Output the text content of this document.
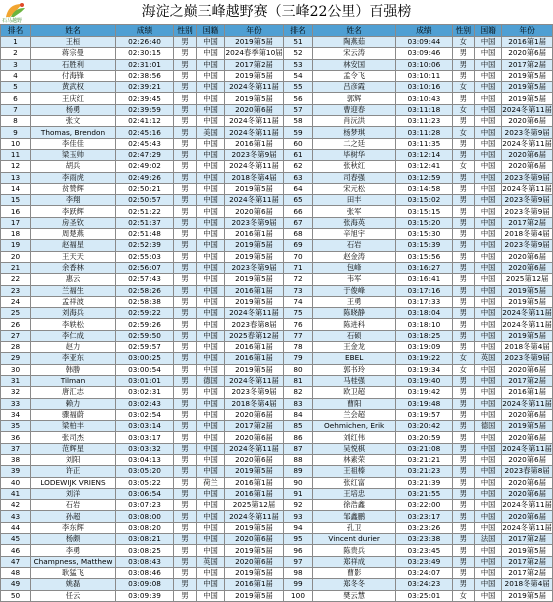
石马越野
海淀之巅三峰越野赛（三峰22公里）百强榜
排名	姓名	成绩	性别	国籍	年份
1	王桓	02:26:40	男	中国	2019第5届
2	蒋宗曼	02:30:15	男	中国	2024春季第10届
3	石胜利	02:31:01	男	中国	2017第2届
4	付海锋	02:38:56	男	中国	2019第5届
5	黄武权	02:39:21	男	中国	2024冬第11届
6	王庆红	02:39:45	男	中国	2019第5届
7	杨勇	02:39:59	男	中国	2020第6届
8	张文	02:41:12	男	中国	2024冬第11届
9	Thomas, Brendon	02:45:16	男	美国	2024冬第11届
10	李佳佳	02:45:43	男	中国	2016第1届
11	梁玉帅	02:47:29	男	中国	2023冬第9届
12	胡兵	02:49:02	男	中国	2024冬第11届
13	李雨虎	02:49:26	男	中国	2018冬第4届
14	贫赞辉	02:50:21	男	中国	2019第5届
15	李翔	02:50:57	男	中国	2024冬第11届
16	李跃辉	02:51:22	男	中国	2020第6届
17	房圣钦	02:51:37	男	中国	2023冬第9届
18	周楚燕	02:51:48	男	中国	2016第1届
19	赵福星	02:52:39	男	中国	2019第5届
20	王天天	02:55:03	男	中国	2019第5届
21	余香林	02:56:07	男	中国	2023冬第9届
22	惠云	02:57:43	男	中国	2019第5届
23	兰福生	02:58:26	男	中国	2016第1届
24	孟祥波	02:58:38	男	中国	2019第5届
25	刘海兵	02:59:22	男	中国	2024冬第11届
26	李轶松	02:59:26	男	中国	2023春第8届
27	李仁成	02:59:50	男	中国	2025春第12届
28	赵力	02:59:57	男	中国	2016第1届
29	李亚东	03:00:25	男	中国	2016第1届
30	韩勝	03:00:54	男	中国	2019第5届
31	Tilman	03:01:01	男	德国	2024冬第11届
32	唐汇志	03:02:31	男	中国	2023冬第9届
33	赖力	03:02:43	男	中国	2018冬第4届
34	骤福蔚	03:02:54	男	中国	2020第6届
35	梁柏丰	03:03:14	男	中国	2017第2届
36	张司杰	03:03:17	男	中国	2020第6届
37	范辉星	03:03:32	男	中国	2024冬第11届
38	刘阳	03:04:13	男	中国	2020第6届
39	许正	03:05:20	男	中国	2019第5届
40	LODEWIJK VRIENS	03:05:22	男	荷兰	2016第1届
41	刘洋	03:06:54	男	中国	2016第1届
42	石岩	03:07:23	男	中国	2025第12届
43	孙超	03:08:00	男	中国	2024冬第11届
44	李东辉	03:08:20	男	中国	2019第5届
45	杨颇	03:08:21	男	中国	2020第6届
46	李勇	03:08:25	男	中国	2019第5届
47	Champness, Matthew	03:08:43	男	英国	2020第6届
48	耿猛飞	03:08:46	男	中国	2019第5届
49	姚磊	03:09:08	男	中国	2016第1届
50	任云	03:09:39	男	中国	2019第5届
排名	姓名	成绩	性别	国籍	年份
51	陶燕茹	03:09:44	女	中国	2016第1届
52	宋云涛	03:09:46	男	中国	2020第6届
53	林安国	03:10:06	男	中国	2017第2届
54	孟令飞	03:10:11	男	中国	2019第5届
55	吕彦霞	03:10:16	女	中国	2019第5届
56	郭辉	03:10:43	男	中国	2019第5届
57	曹迎春	03:11:18	女	中国	2024冬第11届
58	肖沅洪	03:11:23	男	中国	2020第6届
59	杨梦琪	03:11:28	女	中国	2023冬第9届
60	二之廷	03:11:35	男	中国	2024冬第11届
61	毕树华	03:12:14	男	中国	2020第6届
62	张秋红	03:12:41	女	中国	2020第6届
63	司春强	03:12:59	男	中国	2023冬第9届
64	宋元松	03:14:58	男	中国	2024冬第11届
65	田丰	03:15:02	男	中国	2023冬第9届
66	张军	03:15:15	男	中国	2023冬第9届
67	张海英	03:15:20	男	中国	2017第2届
68	辛旭宇	03:15:30	男	中国	2018冬第4届
69	石岩	03:15:39	男	中国	2023冬第9届
70	赵金涛	03:15:56	男	中国	2020第6届
71	包峰	03:16:27	男	中国	2020第6届
72	韦军	03:16:41	男	中国	2025第12届
73	于俊峰	03:17:16	男	中国	2019第5届
74	王勇	03:17:33	男	中国	2019第5届
75	陈晓静	03:18:04	男	中国	2024冬第11届
76	陈进科	03:18:10	男	中国	2024冬第11届
77	石硕	03:18:25	男	中国	2019第5届
78	王金龙	03:19:09	男	中国	2018冬第4届
79	EBEL	03:19:22	女	英国	2023冬第9届
80	郭书玲	03:19:34	女	中国	2020第6届
81	马桂强	03:19:40	男	中国	2017第2届
82	欧卫超	03:19:42	男	中国	2016第1届
83	曹阳	03:19:48	男	中国	2024冬第11届
84	兰会超	03:19:57	男	中国	2020第6届
85	Oehmichen, Erik	03:20:42	男	德国	2019第5届
86	刘红伟	03:20:59	男	中国	2020第6届
87	吴悦棋	03:21:08	男	中国	2024冬第11届
88	林素荣	03:21:21	男	中国	2020第6届
89	王祖榛	03:21:23	男	中国	2023春第8届
90	张红富	03:21:39	男	中国	2020第6届
91	王培忠	03:21:55	男	中国	2020第6届
92	徐浩鑫	03:22:00	男	中国	2024冬第11届
93	邹鑫鹏	03:23:17	男	中国	2020第6届
94	孔卫	03:23:26	男	中国	2024冬第11届
95	Vincent durier	03:23:38	男	法国	2017第2届
96	陈贵兵	03:23:45	男	中国	2019第5届
97	郑祥成	03:23:49	男	中国	2017第2届
98	曹影	03:24:07	男	中国	2017第2届
99	郑冬冬	03:24:23	男	中国	2018冬第4届
100	樊云慧	03:25:01	女	中国	2019第5届
